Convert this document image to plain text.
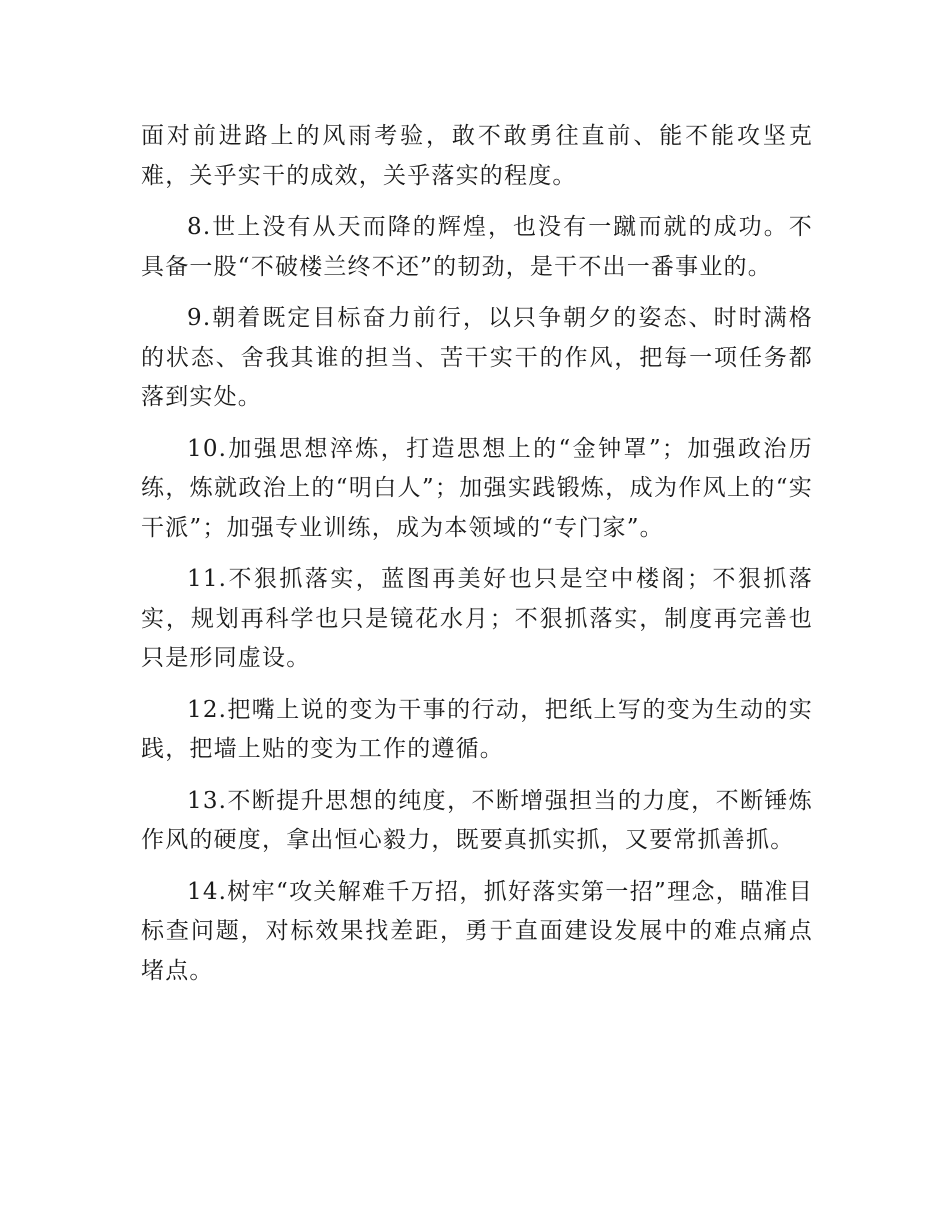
面对前进路上的风雨考验，敢不敢勇往直前、能不能攻坚克难，关乎实干的成效，关乎落实的程度。

8.世上没有从天而降的辉煌，也没有一蹴而就的成功。不具备一股“不破楼兰终不还”的韧劲，是干不出一番事业的。

9.朝着既定目标奋力前行，以只争朝夕的姿态、时时满格的状态、舍我其谁的担当、苦干实干的作风，把每一项任务都落到实处。

10.加强思想淬炼，打造思想上的“金钟罩”；加强政治历练，炼就政治上的“明白人”；加强实践锻炼，成为作风上的“实干派”；加强专业训练，成为本领域的“专门家”。

11.不狠抓落实，蓝图再美好也只是空中楼阁；不狠抓落实，规划再科学也只是镜花水月；不狠抓落实，制度再完善也只是形同虚设。

12.把嘴上说的变为干事的行动，把纸上写的变为生动的实践，把墙上贴的变为工作的遵循。

13.不断提升思想的纯度，不断增强担当的力度，不断锤炼作风的硬度，拿出恒心毅力，既要真抓实抓，又要常抓善抓。

14.树牢“攻关解难千万招，抓好落实第一招”理念，瞄准目标查问题，对标效果找差距，勇于直面建设发展中的难点痛点堵点。
